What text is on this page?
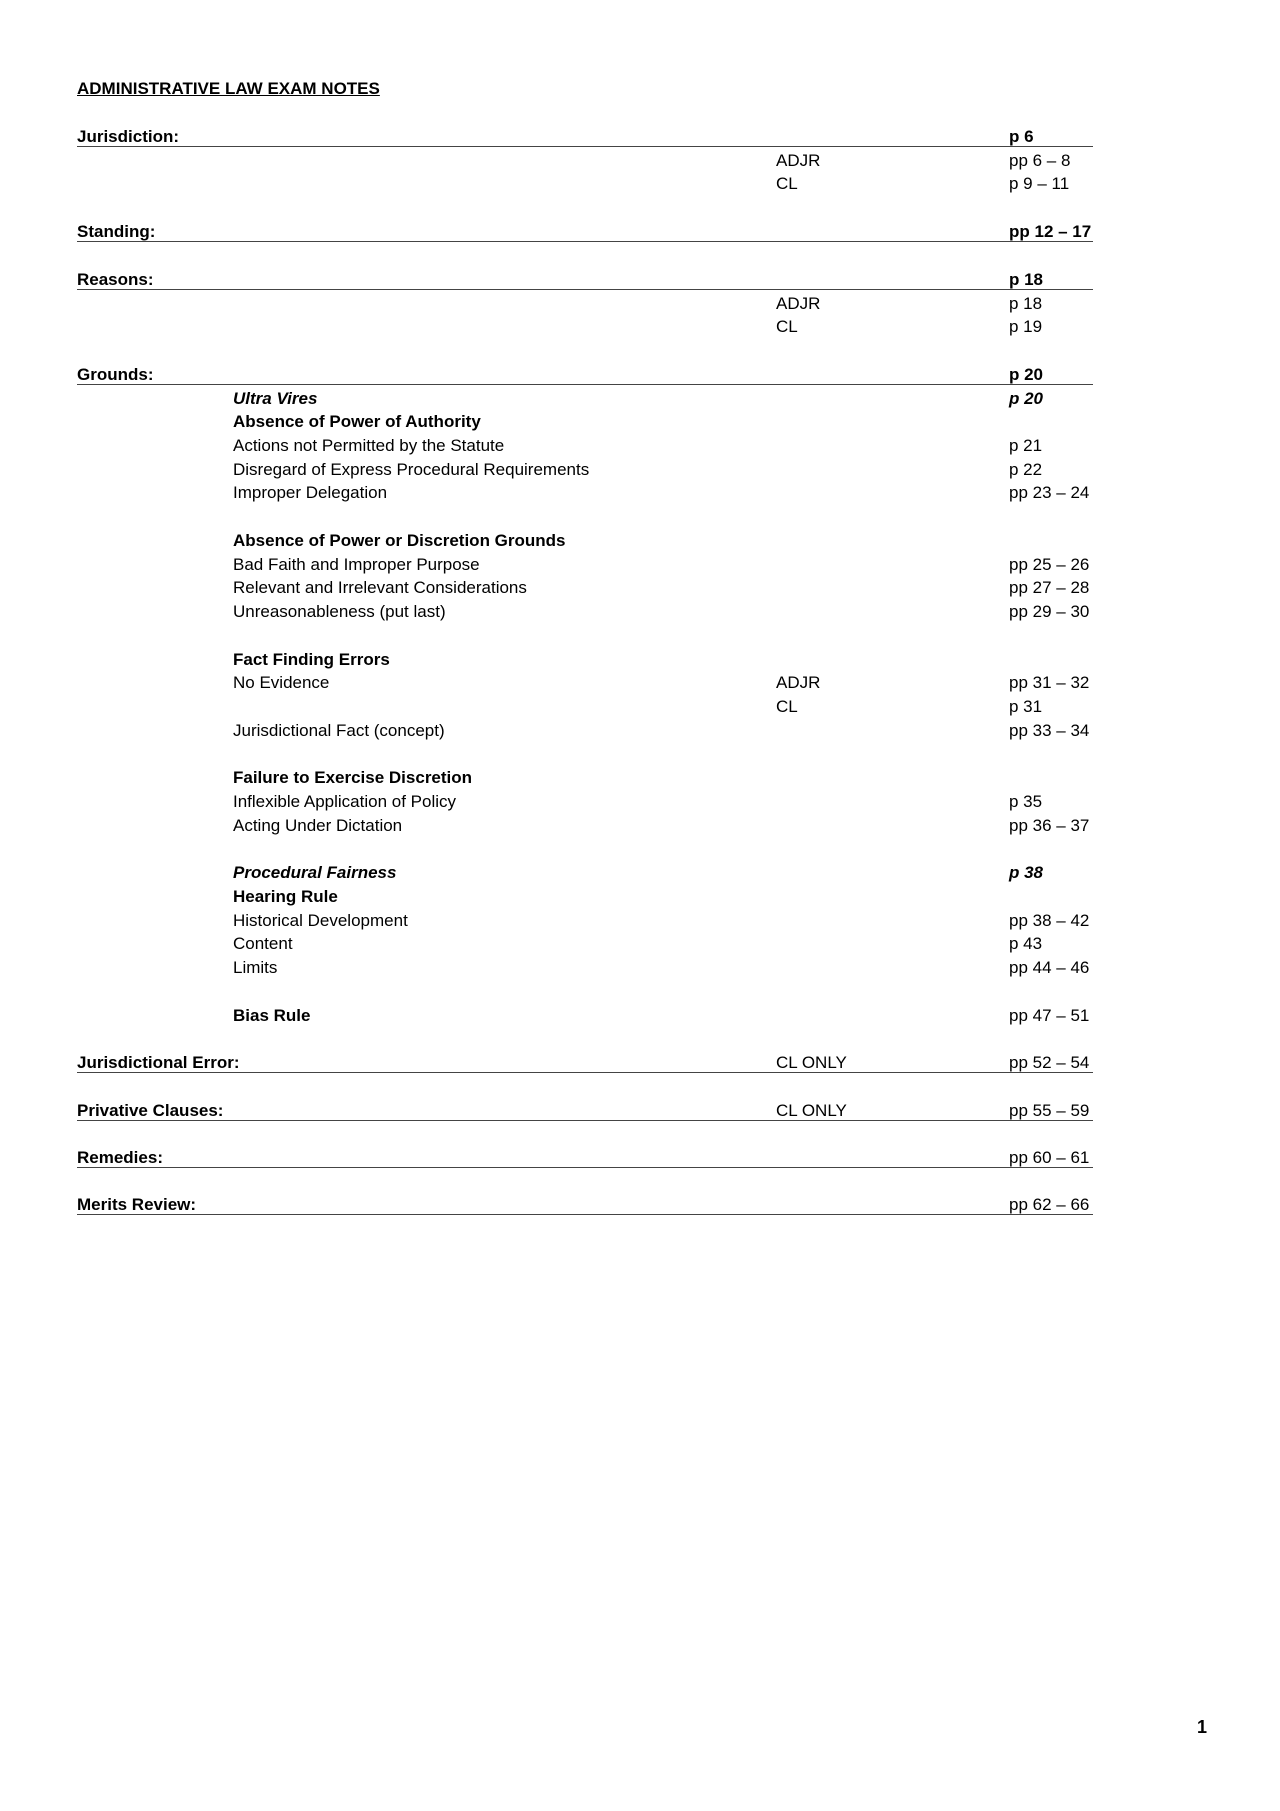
ADMINISTRATIVE LAW EXAM NOTES
Jurisdiction:	p 6
ADJR	pp 6 – 8
CL	p 9 – 11
Standing:	pp 12 – 17
Reasons:	p 18
ADJR	p 18
CL	p 19
Grounds:	p 20
Ultra Vires	p 20
Absence of Power of Authority
Actions not Permitted by the Statute	p 21
Disregard of Express Procedural Requirements	p 22
Improper Delegation	pp 23 – 24
Absence of Power or Discretion Grounds
Bad Faith and Improper Purpose	pp 25 – 26
Relevant and Irrelevant Considerations	pp 27 – 28
Unreasonableness (put last)	pp 29 – 30
Fact Finding Errors
No Evidence	ADJR	pp 31 – 32
CL	p 31
Jurisdictional Fact (concept)	pp 33 – 34
Failure to Exercise Discretion
Inflexible Application of Policy	p 35
Acting Under Dictation	pp 36 – 37
Procedural Fairness	p 38
Hearing Rule
Historical Development	pp 38 – 42
Content	p 43
Limits	pp 44 – 46
Bias Rule	pp 47 – 51
Jurisdictional Error:	CL ONLY	pp 52 – 54
Privative Clauses:	CL ONLY	pp 55 – 59
Remedies:	pp 60 – 61
Merits Review:	pp 62 – 66
1
